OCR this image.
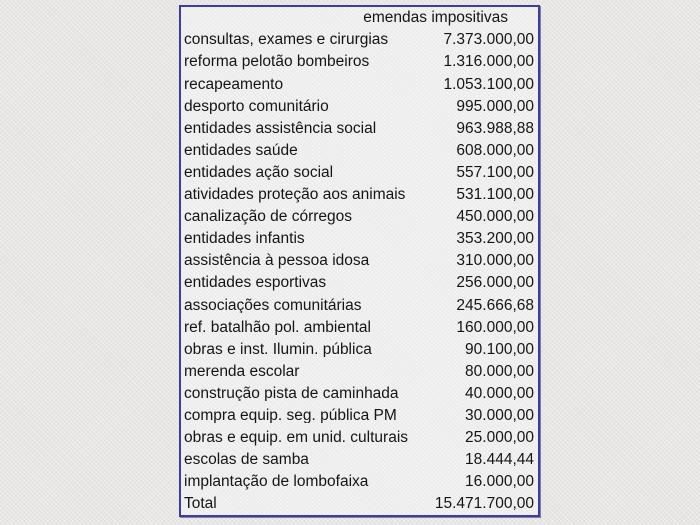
emendas impositivas
consultas, exames e cirurgias	7.373.000,00
reforma pelotão bombeiros	1.316.000,00
recapeamento	1.053.100,00
desporto comunitário	995.000,00
entidades assistência social	963.988,88
entidades saúde	608.000,00
entidades ação social	557.100,00
atividades proteção aos animais	531.100,00
canalização de córregos	450.000,00
entidades infantis	353.200,00
assistência à pessoa idosa	310.000,00
entidades esportivas	256.000,00
associações comunitárias	245.666,68
ref. batalhão pol. ambiental	160.000,00
obras e inst. Ilumin. pública	90.100,00
merenda escolar	80.000,00
construção pista de caminhada	40.000,00
compra equip. seg. pública PM	30.000,00
obras e equip. em unid. culturais	25.000,00
escolas de samba	18.444,44
implantação de lombofaixa	16.000,00
Total	15.471.700,00
